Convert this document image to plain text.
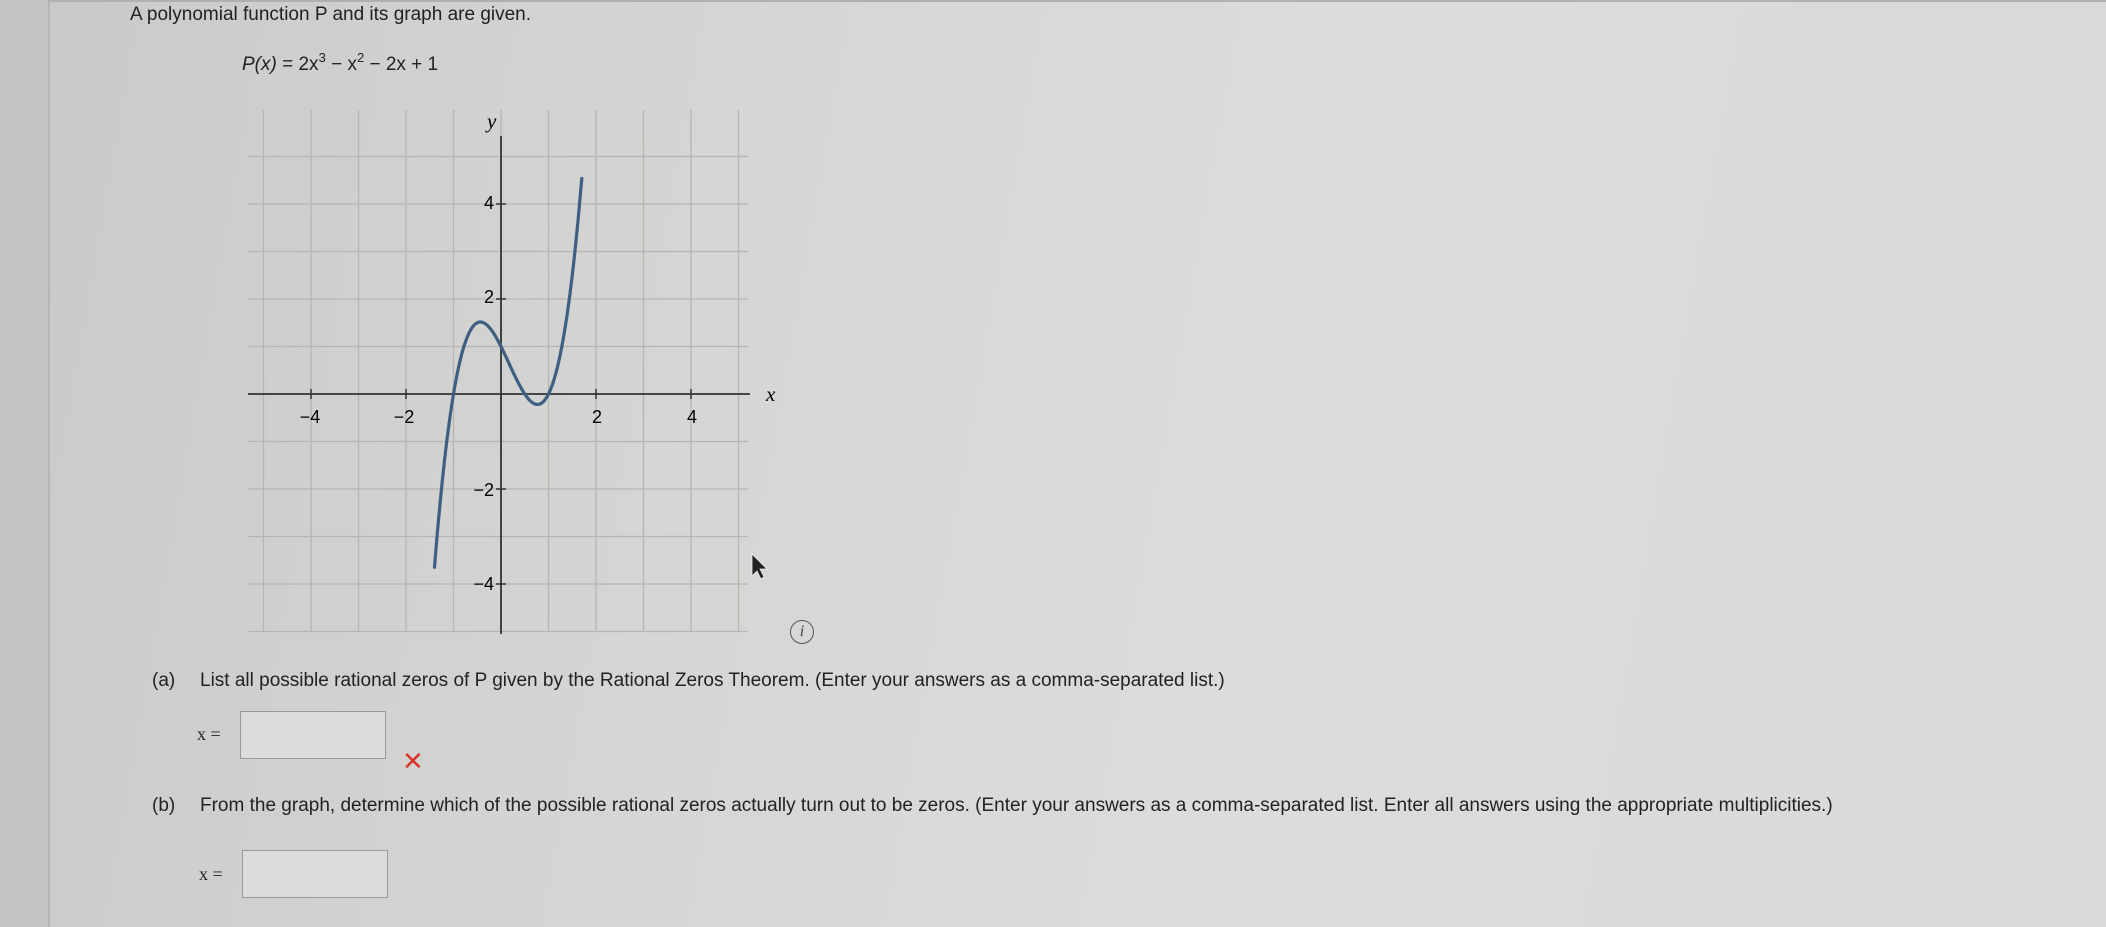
A polynomial function P and its graph are given.
$P(x) = 2x^3 - x^2 - 2x + 1$
x
y
−4	−2	2	4
4
2
−2
−4
i
(a) List all possible rational zeros of P given by the Rational Zeros Theorem. (Enter your answers as a comma-separated list.)
x =
✕
(b) From the graph, determine which of the possible rational zeros actually turn out to be zeros. (Enter your answers as a comma-separated list. Enter all answers using the appropriate multiplicities.)
x =
